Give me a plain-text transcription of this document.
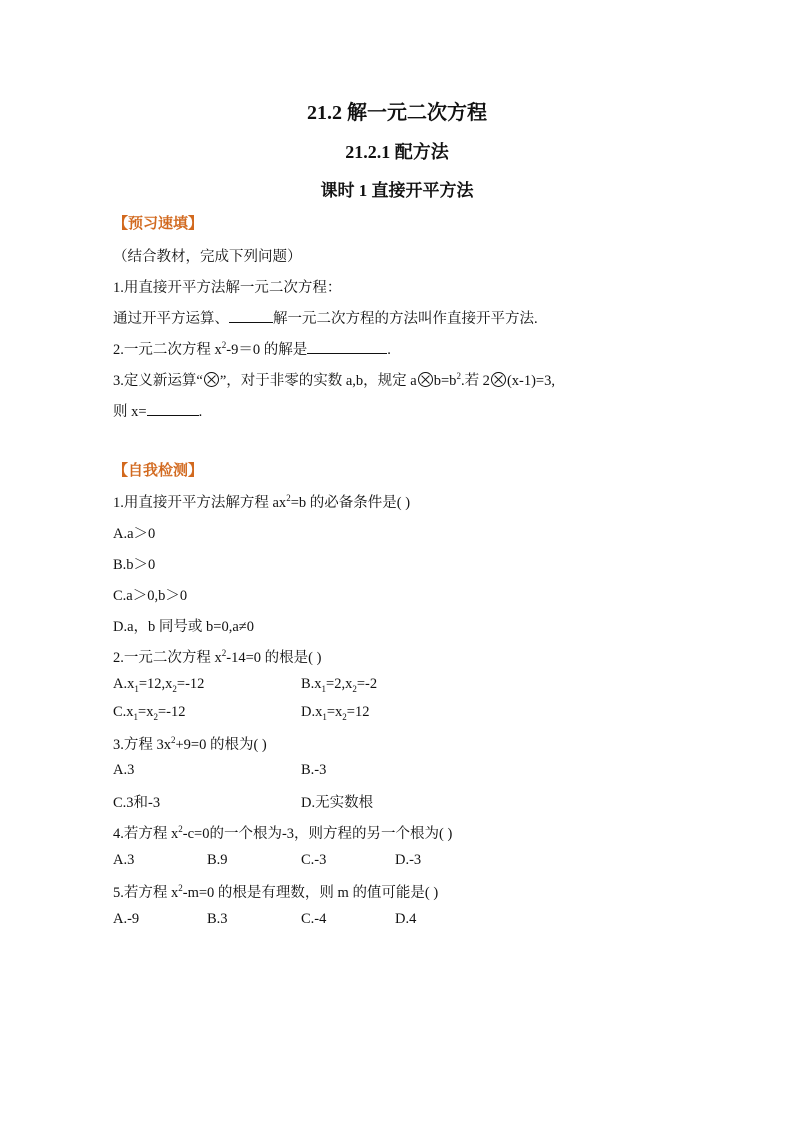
21.2 解一元二次方程
21.2.1 配方法
课时 1 直接开平方法
【预习速填】
（结合教材，完成下列问题）
1.用直接开平方法解一元二次方程：
通过开平方运算、	解一元二次方程的方法叫作直接开平方法.
2.一元二次方程 $x^2-9=0$ 的解是	.
3.定义新运算“ ”，对于非零的实数 a,b，规定 a $b=b^2$.若 2 (x-1)=3,
则 x=	.
【自我检测】
1.用直接开平方法解方程 $ax^2=b$ 的必备条件是( )
A.a＞0
B.b＞0
C.a＞0,b＞0
D.a，b 同号或 b=0,a≠0
2.一元二次方程 $x^2-14=0$ 的根是( )
$A.x_1=12,x_2=-12$	$B.x_1=2,x_2=-2$
$C.x_1=x_2=-12$	$D.x_1=x_2=12$
3.方程 $3x^2+9=0$ 的根为( )
A.3	B.-3
C.3和-3	D.无实数根
4.若方程 $x^2-c=0$的一个根为-3，则方程的另一个根为( )
A.3	B.9	C.-3	D.-3
5.若方程 $x^2-m=0$ 的根是有理数，则 m 的值可能是( )
A.-9	B.3	C.-4	D.4
